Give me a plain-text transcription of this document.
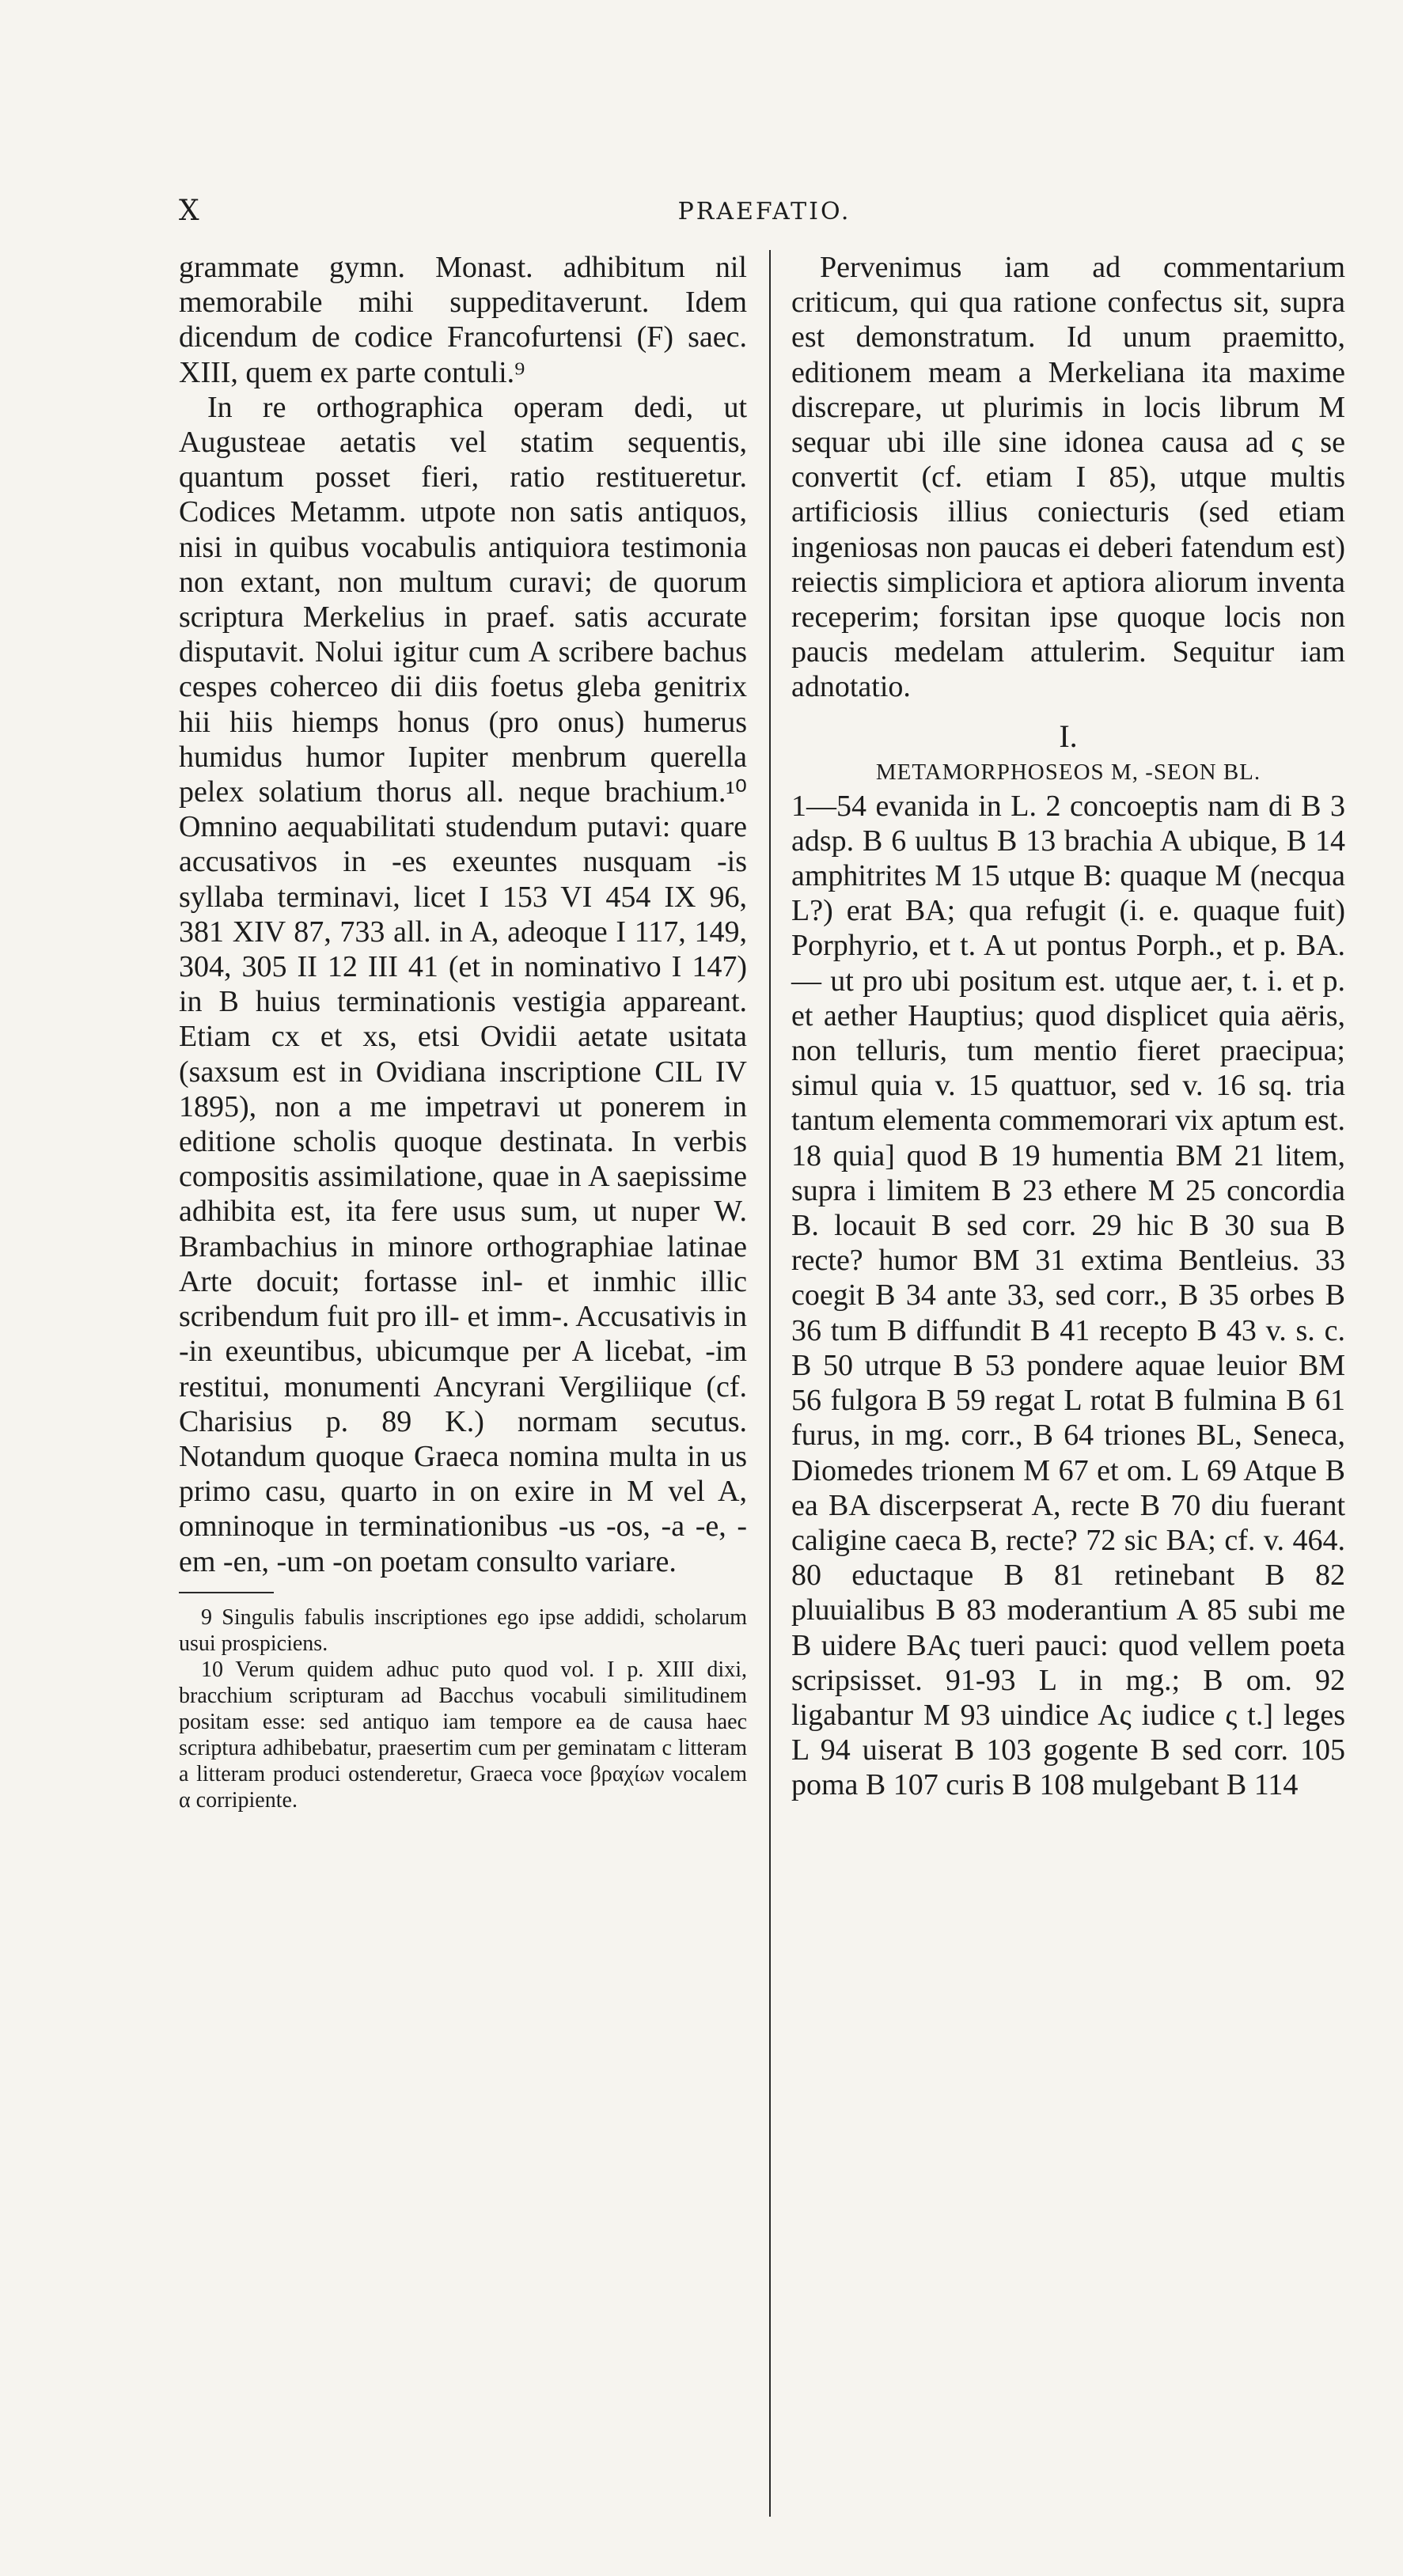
X	PRAEFATIO.

grammate gymn. Monast. adhibitum nil memorabile mihi suppeditaverunt. Idem dicendum de codice Francofurtensi (F) saec. XIII, quem ex parte contuli.⁹

In re orthographica operam dedi, ut Augusteae aetatis vel statim sequentis, quantum posset fieri, ratio restitueretur. Codices Metamm. utpote non satis antiquos, nisi in quibus vocabulis antiquiora testimonia non extant, non multum curavi; de quorum scriptura Merkelius in praef. satis accurate disputavit. Nolui igitur cum A scribere bachus cespes coherceo dii diis foetus gleba genitrix hii hiis hiemps honus (pro onus) humerus humidus humor Iupiter menbrum querella pelex solatium thorus all. neque brachium.¹⁰ Omnino aequabilitati studendum putavi: quare accusativos in -es exeuntes nusquam -is syllaba terminavi, licet I 153 VI 454 IX 96, 381 XIV 87, 733 all. in A, adeoque I 117, 149, 304, 305 II 12 III 41 (et in nominativo I 147) in B huius terminationis vestigia appareant. Etiam cx et xs, etsi Ovidii aetate usitata (saxsum est in Ovidiana inscriptione CIL IV 1895), non a me impetravi ut ponerem in editione scholis quoque destinata. In verbis compositis assimilatione, quae in A saepissime adhibita est, ita fere usus sum, ut nuper W. Brambachius in minore orthographiae latinae Arte docuit; fortasse inl- et inmhic illic scribendum fuit pro ill- et imm-. Accusativis in -in exeuntibus, ubicumque per A licebat, -im restitui, monumenti Ancyrani Vergiliique (cf. Charisius p. 89 K.) normam secutus. Notandum quoque Graeca nomina multa in us primo casu, quarto in on exire in M vel A, omninoque in terminationibus -us -os, -a -e, -em -en, -um -on poetam consulto variare.

9 Singulis fabulis inscriptiones ego ipse addidi, scholarum usui prospiciens.

10 Verum quidem adhuc puto quod vol. I p. XIII dixi, bracchium scripturam ad Bacchus vocabuli similitudinem positam esse: sed antiquo iam tempore ea de causa haec scriptura adhibebatur, praesertim cum per geminatam c litteram a litteram produci ostenderetur, Graeca voce βραχίων vocalem α corripiente.

Pervenimus iam ad commentarium criticum, qui qua ratione confectus sit, supra est demonstratum. Id unum praemitto, editionem meam a Merkeliana ita maxime discrepare, ut plurimis in locis librum M sequar ubi ille sine idonea causa ad ς se convertit (cf. etiam I 85), utque multis artificiosis illius coniecturis (sed etiam ingeniosas non paucas ei deberi fatendum est) reiectis simpliciora et aptiora aliorum inventa receperim; forsitan ipse quoque locis non paucis medelam attulerim. Sequitur iam adnotatio.

I.
METAMORPHOSEOS M, -SEON BL.

1—54 evanida in L. 2 concoeptis nam di B 3 adsp. B 6 uultus B 13 brachia A ubique, B 14 amphitrites M 15 utque B: quaque M (necqua L?) erat BA; qua refugit (i. e. quaque fuit) Porphyrio, et t. A ut pontus Porph., et p. BA. — ut pro ubi positum est. utque aer, t. i. et p. et aether Hauptius; quod displicet quia aëris, non telluris, tum mentio fieret praecipua; simul quia v. 15 quattuor, sed v. 16 sq. tria tantum elementa commemorari vix aptum est. 18 quia] quod B 19 humentia BM 21 litem, supra i limitem B 23 ethere M 25 concordia B. locauit B sed corr. 29 hic B 30 sua B recte? humor BM 31 extima Bentleius. 33 coegit B 34 ante 33, sed corr., B 35 orbes B 36 tum B diffundit B 41 recepto B 43 v. s. c. B 50 utrque B 53 pondere aquae leuior BM 56 fulgora B 59 regat L rotat B fulmina B 61 furus, in mg. corr., B 64 triones BL, Seneca, Diomedes trionem M 67 et om. L 69 Atque B ea BA discerpserat A, recte B 70 diu fuerant caligine caeca B, recte? 72 sic BA; cf. v. 464. 80 eductaque B 81 retinebant B 82 pluuialibus B 83 moderantium A 85 subi me B uidere BAς tueri pauci: quod vellem poeta scripsisset. 91-93 L in mg.; B om. 92 ligabantur M 93 uindice Aς iudice ς t.] leges L 94 uiserat B 103 gogente B sed corr. 105 poma B 107 curis B 108 mulgebant B 114
